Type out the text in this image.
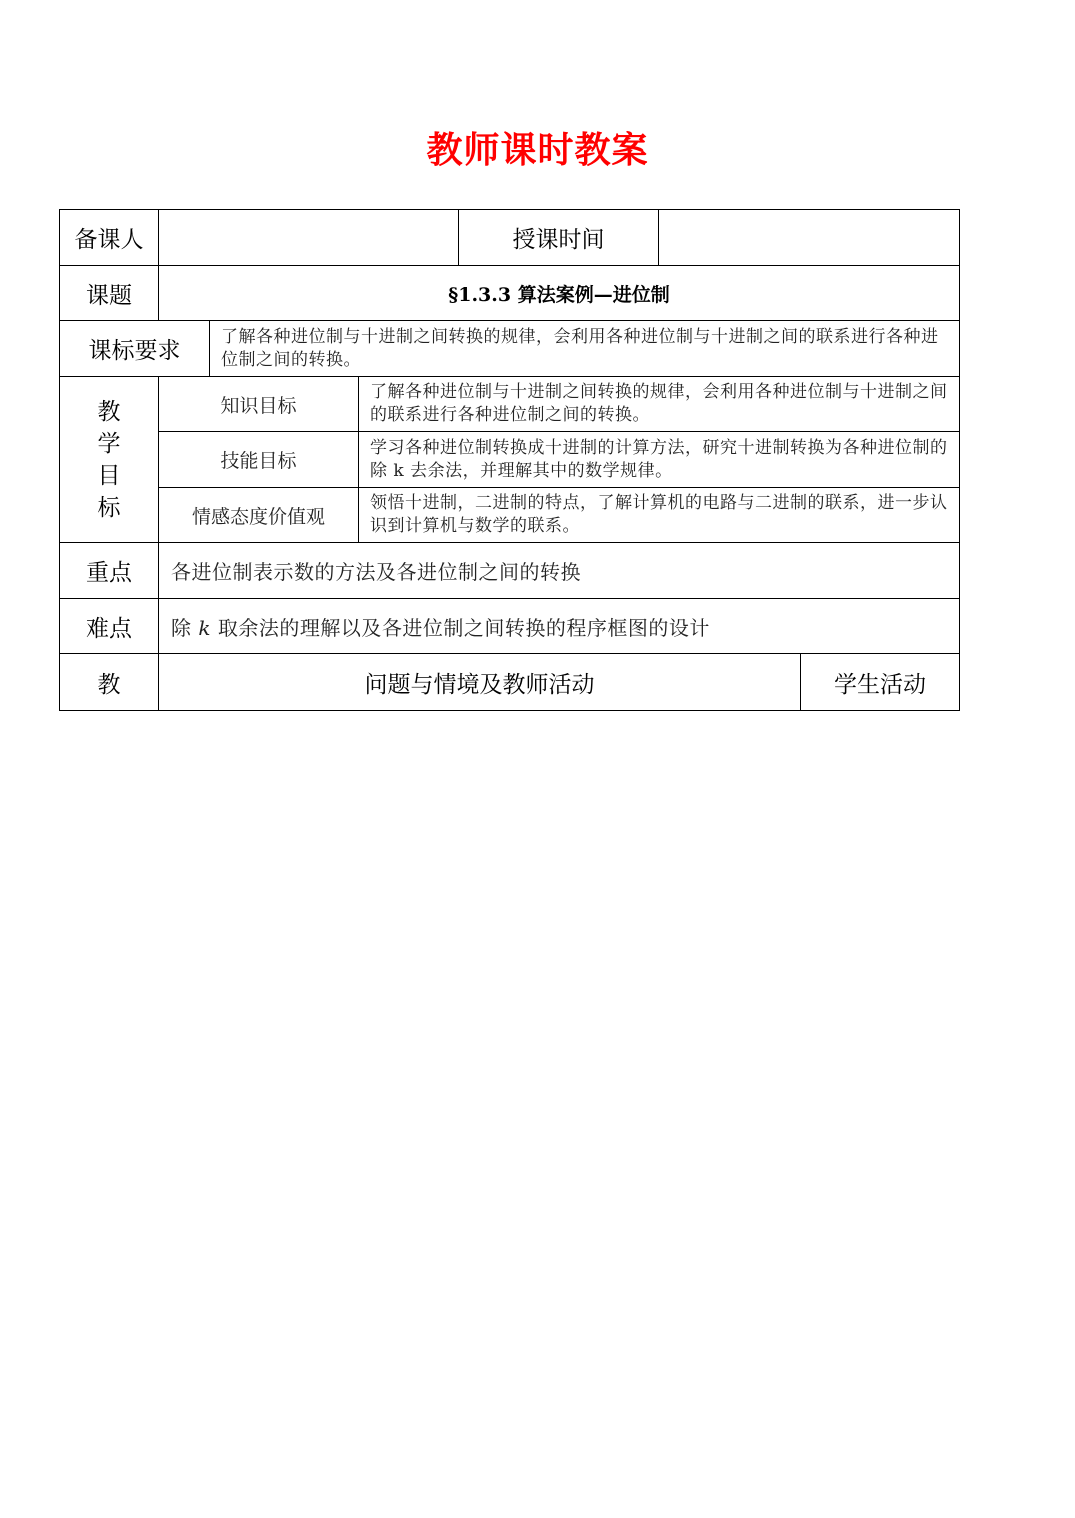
教师课时教案
备课人				授课时间		
课题	§1.3.3 算法案例—进位制					
课标要求		了解各种进位制与十进制之间转换的规律，会利用各种进位制与十进制之间的联系进行各种进位制之间的转换。				

教
学
目
标	知识目标		了解各种进位制与十进制之间转换的规律，会利用各种进位制与十进制之间的联系进行各种进位制之间的转换。			
	技能目标		学习各种进位制转换成十进制的计算方法，研究十进制转换为各种进位制的除 k 去余法，并理解其中的数学规律。			
	情感态度价值观		领悟十进制，二进制的特点，了解计算机的电路与二进制的联系，进一步认识到计算机与数学的联系。			
重点	各进位制表示数的方法及各进位制之间的转换					
难点	除 k 取余法的理解以及各进位制之间转换的程序框图的设计					
教	问题与情境及教师活动					学生活动
